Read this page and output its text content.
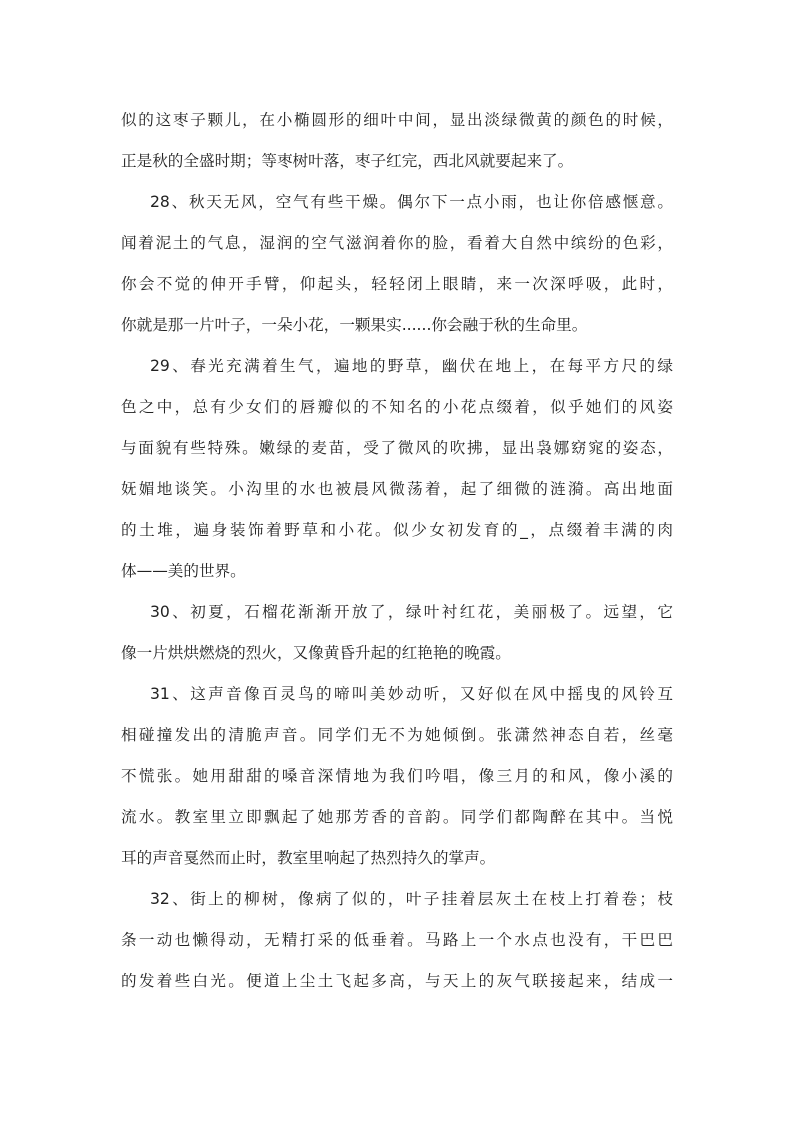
似的这枣子颗儿，在小椭圆形的细叶中间，显出淡绿微黄的颜色的时候，
正是秋的全盛时期；等枣树叶落，枣子红完，西北风就要起来了。
28、秋天无风，空气有些干燥。偶尔下一点小雨，也让你倍感惬意。
闻着泥土的气息，湿润的空气滋润着你的脸，看着大自然中缤纷的色彩，
你会不觉的伸开手臂，仰起头，轻轻闭上眼睛，来一次深呼吸，此时，
你就是那一片叶子，一朵小花，一颗果实......你会融于秋的生命里。
29、春光充满着生气，遍地的野草，幽伏在地上，在每平方尺的绿
色之中，总有少女们的唇瓣似的不知名的小花点缀着，似乎她们的风姿
与面貌有些特殊。嫩绿的麦苗，受了微风的吹拂，显出袅娜窈窕的姿态，
妩媚地谈笑。小沟里的水也被晨风微荡着，起了细微的涟漪。高出地面
的土堆，遍身装饰着野草和小花。似少女初发育的_，点缀着丰满的肉
体——美的世界。
30、初夏，石榴花渐渐开放了，绿叶衬红花，美丽极了。远望，它
像一片烘烘燃烧的烈火，又像黄昏升起的红艳艳的晚霞。
31、这声音像百灵鸟的啼叫美妙动听，又好似在风中摇曳的风铃互
相碰撞发出的清脆声音。同学们无不为她倾倒。张潇然神态自若，丝毫
不慌张。她用甜甜的嗓音深情地为我们吟唱，像三月的和风，像小溪的
流水。教室里立即飘起了她那芳香的音韵。同学们都陶醉在其中。当悦
耳的声音戛然而止时，教室里响起了热烈持久的掌声。
32、街上的柳树，像病了似的，叶子挂着层灰土在枝上打着卷；枝
条一动也懒得动，无精打采的低垂着。马路上一个水点也没有，干巴巴
的发着些白光。便道上尘土飞起多高，与天上的灰气联接起来，结成一
